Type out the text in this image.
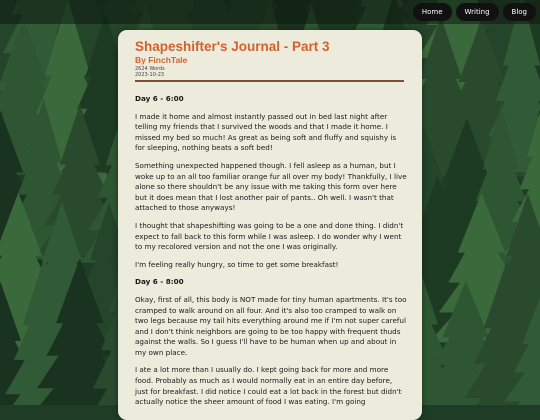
Home	Writing	Blog
Shapeshifter's Journal - Part 3
By FinchTale
2624 Words
2023-10-23

Day 6 - 6:00

I made it home and almost instantly passed out in bed last night after telling my friends that I survived the woods and that I made it home. I missed my bed so much! As great as being soft and fluffy and squishy is for sleeping, nothing beats a soft bed!

Something unexpected happened though. I fell asleep as a human, but I woke up to an all too familiar orange fur all over my body! Thankfully, I live alone so there shouldn't be any issue with me taking this form over here but it does mean that I lost another pair of pants.. Oh well. I wasn't that attached to those anyways!

I thought that shapeshifting was going to be a one and done thing. I didn't expect to fall back to this form while I was asleep. I do wonder why I went to my recolored version and not the one I was originally.

I'm feeling really hungry, so time to get some breakfast!

Day 6 - 8:00

Okay, first of all, this body is NOT made for tiny human apartments. It's too cramped to walk around on all four. And it's also too cramped to walk on two legs because my tail hits everything around me if I'm not super careful and I don't think neighbors are going to be too happy with frequent thuds against the walls. So I guess I'll have to be human when up and about in my own place.

I ate a lot more than I usually do. I kept going back for more and more food. Probably as much as I would normally eat in an entire day before, just for breakfast. I did notice I could eat a lot back in the forest but didn't actually notice the sheer amount of food I was eating. I'm going
